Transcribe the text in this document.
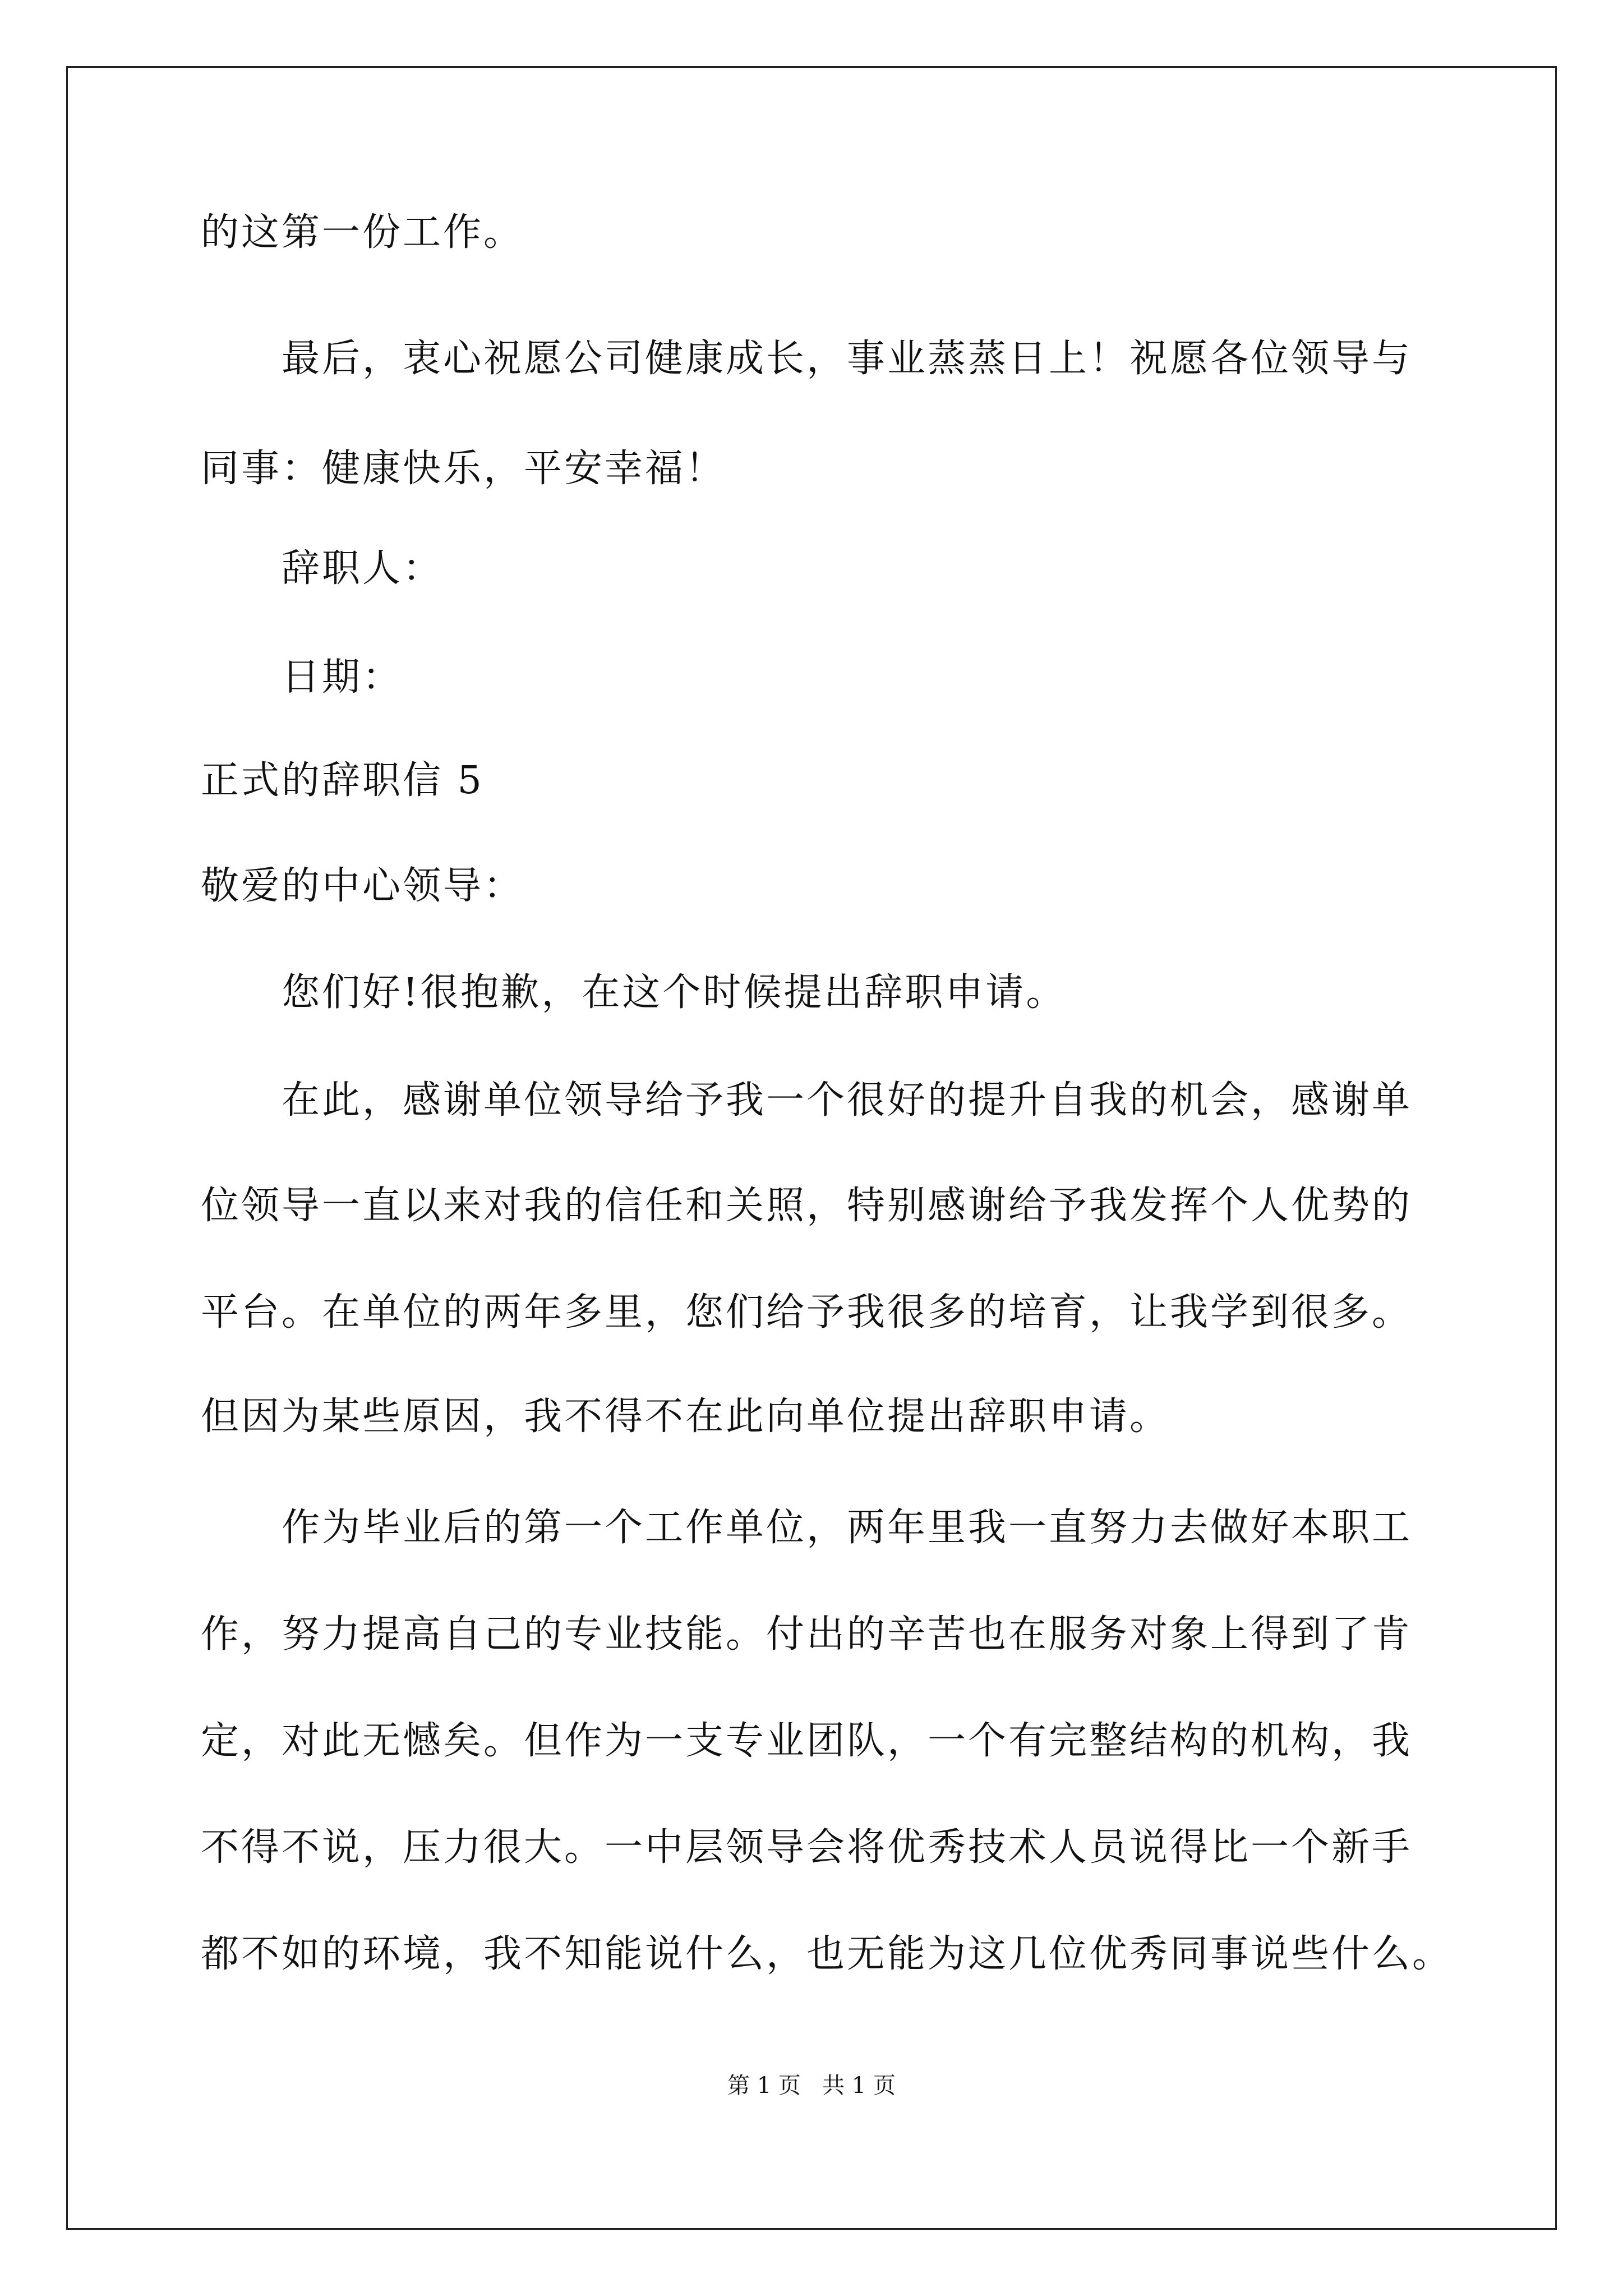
的这第一份工作。
最后，衷心祝愿公司健康成长，事业蒸蒸日上！祝愿各位领导与
同事：健康快乐，平安幸福！
辞职人：
日期：
正式的辞职信 5
敬爱的中心领导：
您们好!很抱歉，在这个时候提出辞职申请。
在此，感谢单位领导给予我一个很好的提升自我的机会，感谢单
位领导一直以来对我的信任和关照，特别感谢给予我发挥个人优势的
平台。在单位的两年多里，您们给予我很多的培育，让我学到很多。
但因为某些原因，我不得不在此向单位提出辞职申请。
作为毕业后的第一个工作单位，两年里我一直努力去做好本职工
作，努力提高自己的专业技能。付出的辛苦也在服务对象上得到了肯
定，对此无憾矣。但作为一支专业团队，一个有完整结构的机构，我
不得不说，压力很大。一中层领导会将优秀技术人员说得比一个新手
都不如的环境，我不知能说什么，也无能为这几位优秀同事说些什么。
第 1 页   共 1 页
